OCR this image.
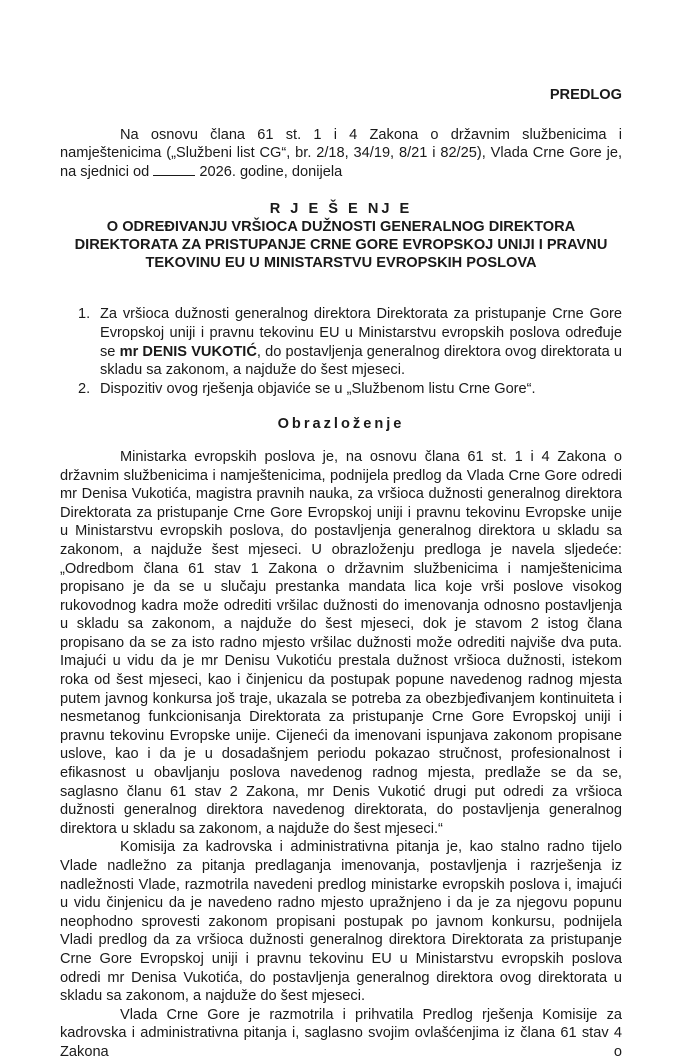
PREDLOG

Na osnovu člana 61 st. 1 i 4 Zakona o državnim službenicima i namještenicima („Službeni list CG“, br. 2/18, 34/19, 8/21 i 82/25), Vlada Crne Gore je, na sjednici od	2026. godine, donijela

R J E Š E NJ E
O ODREĐIVANJU VRŠIOCA DUŽNOSTI GENERALNOG DIREKTORA
DIREKTORATA ZA PRISTUPANJE CRNE GORE EVROPSKOJ UNIJI I PRAVNU
TEKOVINU EU U MINISTARSTVU EVROPSKIH POSLOVA
1. Za vršioca dužnosti generalnog direktora Direktorata za pristupanje Crne Gore Evropskoj uniji i pravnu tekovinu EU u Ministarstvu evropskih poslova određuje se mr DENIS VUKOTIĆ, do postavljenja generalnog direktora ovog direktorata u skladu sa zakonom, a najduže do šest mjeseci.
2. Dispozitiv ovog rješenja objaviće se u „Službenom listu Crne Gore“.
Obrazloženje

Ministarka evropskih poslova je, na osnovu člana 61 st. 1 i 4 Zakona o državnim službenicima i namještenicima, podnijela predlog da Vlada Crne Gore odredi mr Denisa Vukotića, magistra pravnih nauka, za vršioca dužnosti generalnog direktora Direktorata za pristupanje Crne Gore Evropskoj uniji i pravnu tekovinu Evropske unije u Ministarstvu evropskih poslova, do postavljenja generalnog direktora u skladu sa zakonom, a najduže šest mjeseci. U obrazloženju predloga je navela sljedeće: „Odredbom člana 61 stav 1 Zakona o državnim službenicima i namještenicima propisano je da se u slučaju prestanka mandata lica koje vrši poslove visokog rukovodnog kadra može odrediti vršilac dužnosti do imenovanja odnosno postavljenja u skladu sa zakonom, a najduže do šest mjeseci, dok je stavom 2 istog člana propisano da se za isto radno mjesto vršilac dužnosti može odrediti najviše dva puta. Imajući u vidu da je mr Denisu Vukotiću prestala dužnost vršioca dužnosti, istekom roka od šest mjeseci, kao i činjenicu da postupak popune navedenog radnog mjesta putem javnog konkursa još traje, ukazala se potreba za obezbjeđivanjem kontinuiteta i nesmetanog funkcionisanja Direktorata za pristupanje Crne Gore Evropskoj uniji i pravnu tekovinu Evropske unije. Cijeneći da imenovani ispunjava zakonom propisane uslove, kao i da je u dosadašnjem periodu pokazao stručnost, profesionalnost i efikasnost u obavljanju poslova navedenog radnog mjesta, predlaže se da se, saglasno članu 61 stav 2 Zakona, mr Denis Vukotić drugi put odredi za vršioca dužnosti generalnog direktora navedenog direktorata, do postavljenja generalnog direktora u skladu sa zakonom, a najduže do šest mjeseci.“

Komisija za kadrovska i administrativna pitanja je, kao stalno radno tijelo Vlade nadležno za pitanja predlaganja imenovanja, postavljenja i razrješenja iz nadležnosti Vlade, razmotrila navedeni predlog ministarke evropskih poslova i, imajući u vidu činjenicu da je navedeno radno mjesto upražnjeno i da je za njegovu popunu neophodno sprovesti zakonom propisani postupak po javnom konkursu, podnijela Vladi predlog da za vršioca dužnosti generalnog direktora Direktorata za pristupanje Crne Gore Evropskoj uniji i pravnu tekovinu EU u Ministarstvu evropskih poslova odredi mr Denisa Vukotića, do postavljenja generalnog direktora ovog direktorata u skladu sa zakonom, a najduže do šest mjeseci.

Vlada Crne Gore je razmotrila i prihvatila Predlog rješenja Komisije za kadrovska i administrativna pitanja i, saglasno svojim ovlašćenjima iz člana 61 stav 4 Zakona o
